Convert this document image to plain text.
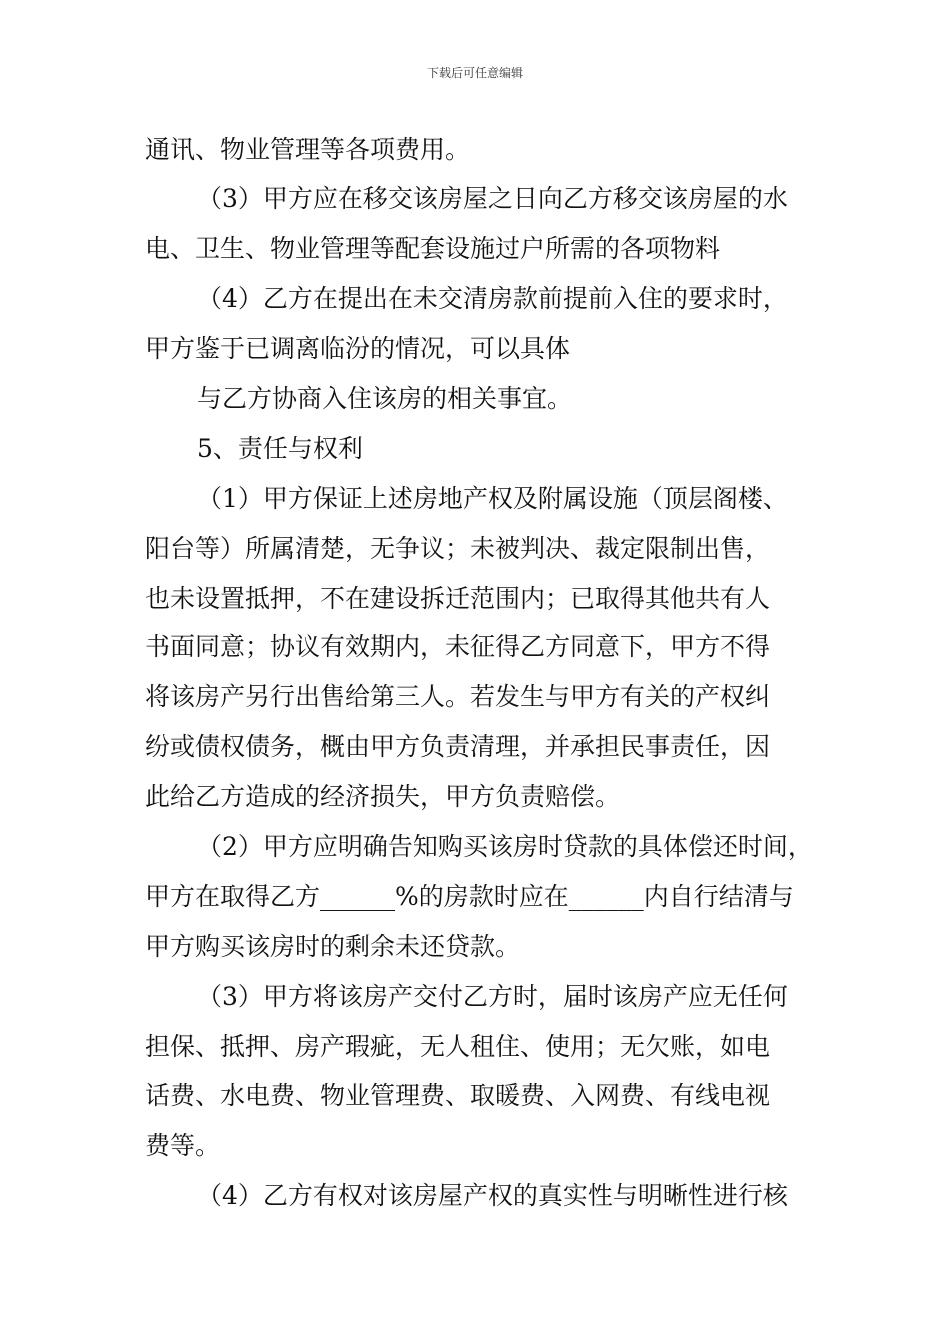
下载后可任意编辑
通讯、物业管理等各项费用。
（3）甲方应在移交该房屋之日向乙方移交该房屋的水
电、卫生、物业管理等配套设施过户所需的各项物料
（4）乙方在提出在未交清房款前提前入住的要求时，
甲方鉴于已调离临汾的情况，可以具体
与乙方协商入住该房的相关事宜。
5、责任与权利
（1）甲方保证上述房地产权及附属设施（顶层阁楼、
阳台等）所属清楚，无争议；未被判决、裁定限制出售，
也未设置抵押，不在建设拆迁范围内；已取得其他共有人
书面同意；协议有效期内，未征得乙方同意下，甲方不得
将该房产另行出售给第三人。若发生与甲方有关的产权纠
纷或债权债务，概由甲方负责清理，并承担民事责任，因
此给乙方造成的经济损失，甲方负责赔偿。
（2）甲方应明确告知购买该房时贷款的具体偿还时间，
甲方在取得乙方______%的房款时应在______内自行结清与
甲方购买该房时的剩余未还贷款。
（3）甲方将该房产交付乙方时，届时该房产应无任何
担保、抵押、房产瑕疵，无人租住、使用；无欠账，如电
话费、水电费、物业管理费、取暖费、入网费、有线电视
费等。
（4）乙方有权对该房屋产权的真实性与明晰性进行核
